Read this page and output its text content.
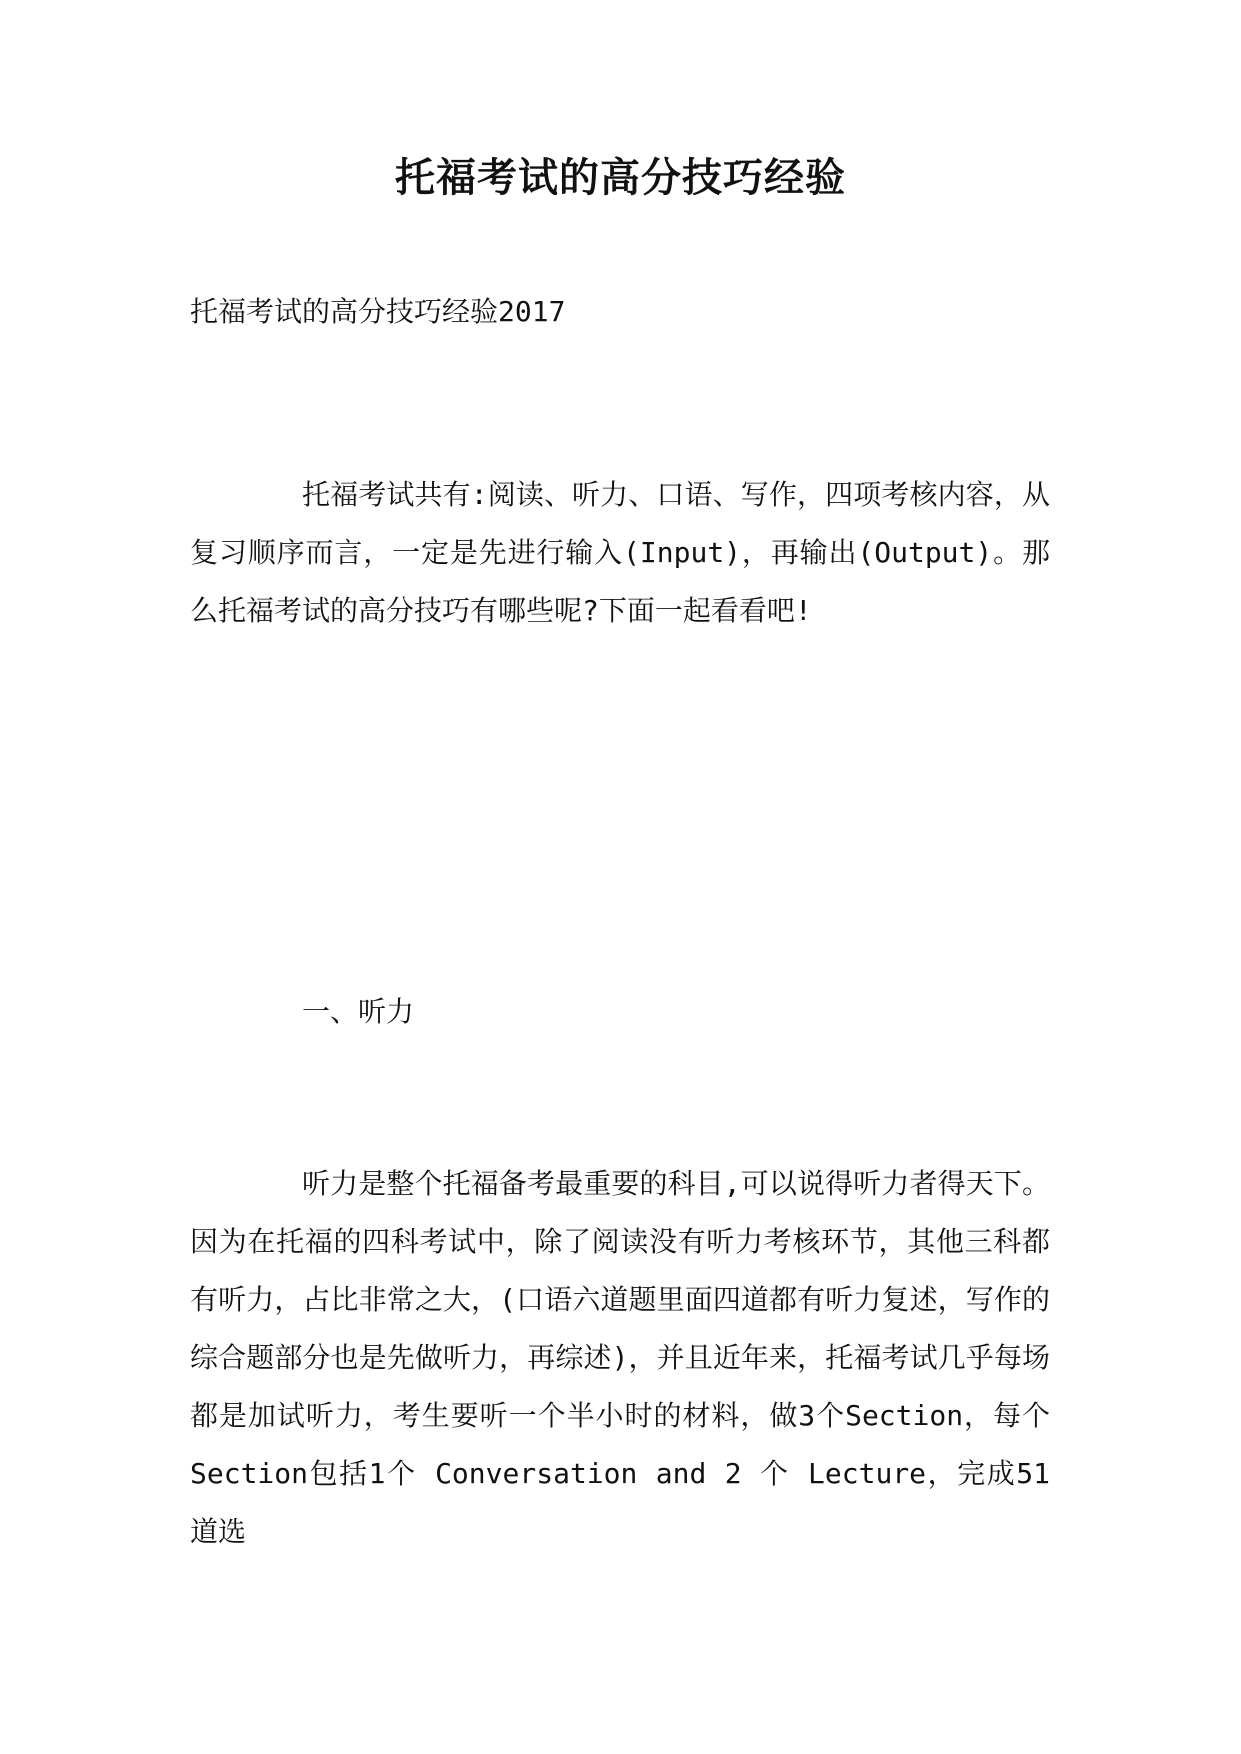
托福考试的高分技巧经验

托福考试的高分技巧经验2017

托福考试共有:阅读、听力、口语、写作，四项考核内容，从复习顺序而言，一定是先进行输入(Input)，再输出(Output)。那么托福考试的高分技巧有哪些呢?下面一起看看吧!

一、听力

听力是整个托福备考最重要的科目,可以说得听力者得天下。因为在托福的四科考试中，除了阅读没有听力考核环节，其他三科都有听力，占比非常之大，(口语六道题里面四道都有听力复述，写作的综合题部分也是先做听力，再综述)，并且近年来，托福考试几乎每场都是加试听力，考生要听一个半小时的材料，做3个Section，每个 Section包括1个 Conversation and 2 个 Lecture，完成51道选
